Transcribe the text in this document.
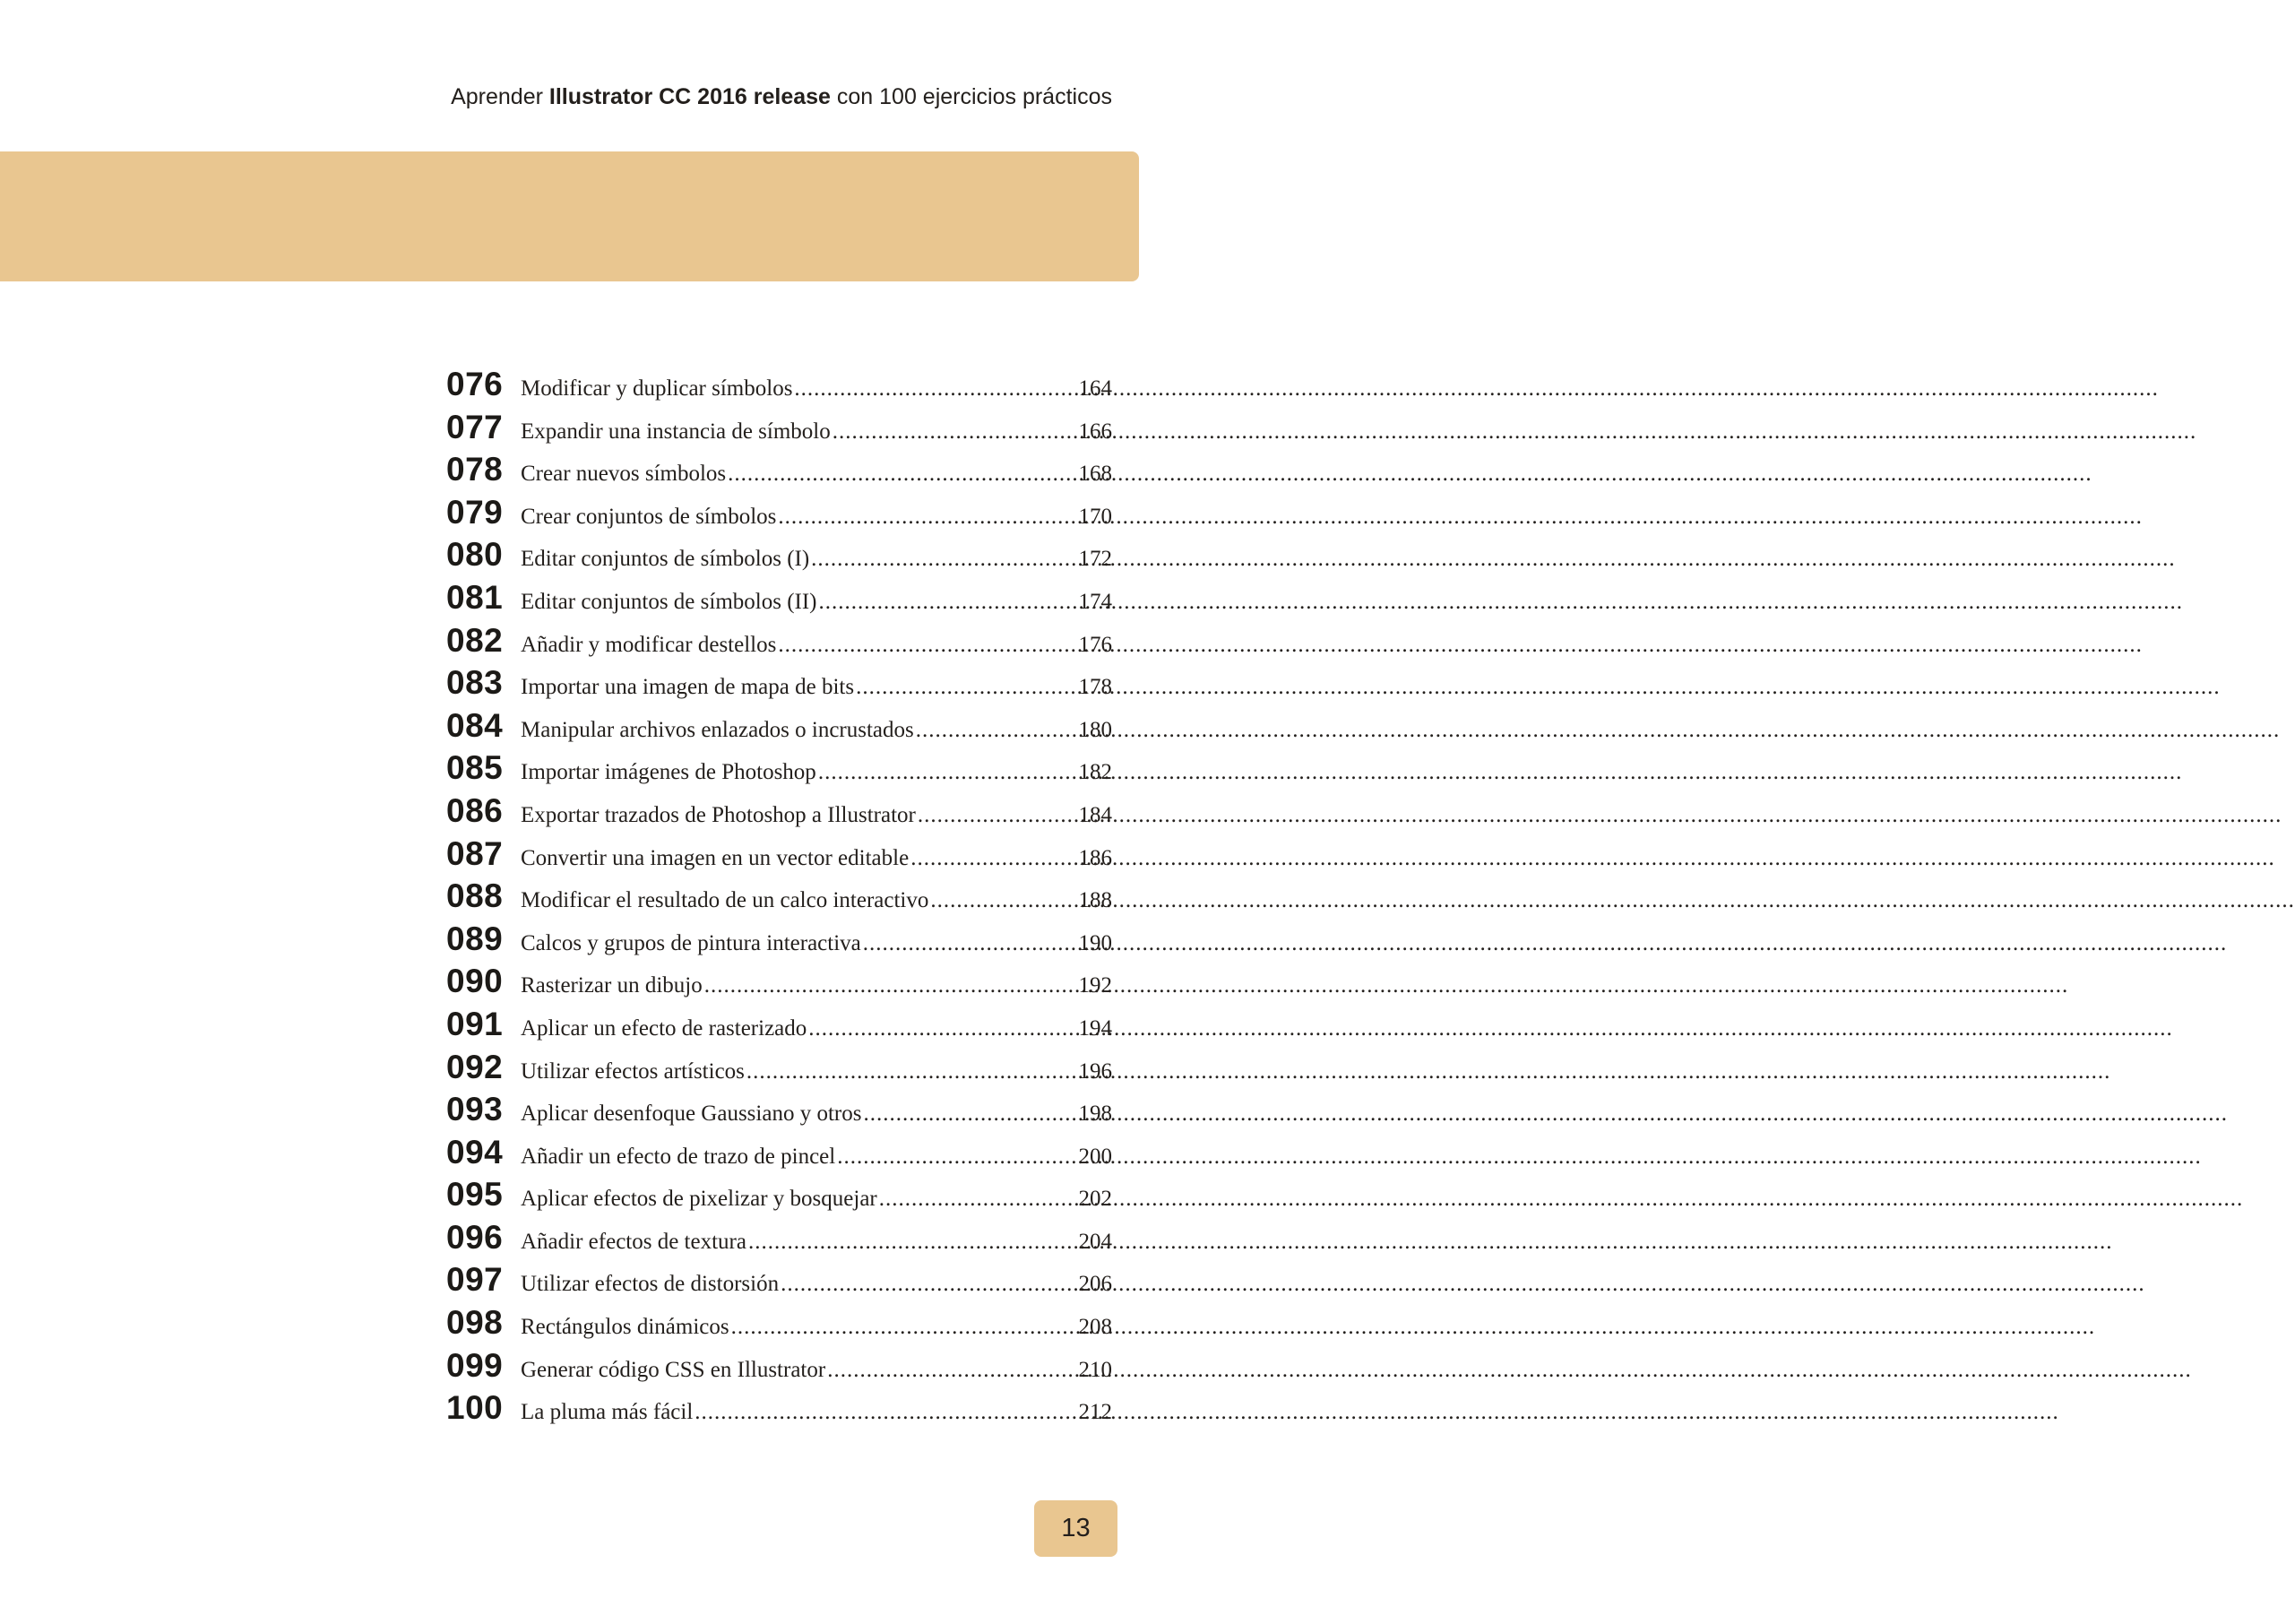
Aprender Illustrator CC 2016 release con 100 ejercicios prácticos
076 Modificar y duplicar símbolos .....	164
077 Expandir una instancia de símbolo .....	166
078 Crear nuevos símbolos .....	168
079 Crear conjuntos de símbolos .....	170
080 Editar conjuntos de símbolos (I) .....	172
081 Editar conjuntos de símbolos (II) .....	174
082 Añadir y modificar destellos .....	176
083 Importar una imagen de mapa de bits .....	178
084 Manipular archivos enlazados o incrustados .....	180
085 Importar imágenes de Photoshop .....	182
086 Exportar trazados de Photoshop a Illustrator .....	184
087 Convertir una imagen en un vector editable .....	186
088 Modificar el resultado de un calco interactivo .....	188
089 Calcos y grupos de pintura interactiva .....	190
090 Rasterizar un dibujo .....	192
091 Aplicar un efecto de rasterizado .....	194
092 Utilizar efectos artísticos .....	196
093 Aplicar desenfoque Gaussiano y otros .....	198
094 Añadir un efecto de trazo de pincel .....	200
095 Aplicar efectos de pixelizar y bosquejar .....	202
096 Añadir efectos de textura .....	204
097 Utilizar efectos de distorsión .....	206
098 Rectángulos dinámicos .....	208
099 Generar código CSS en Illustrator .....	210
100 La pluma más fácil .....	212
13
